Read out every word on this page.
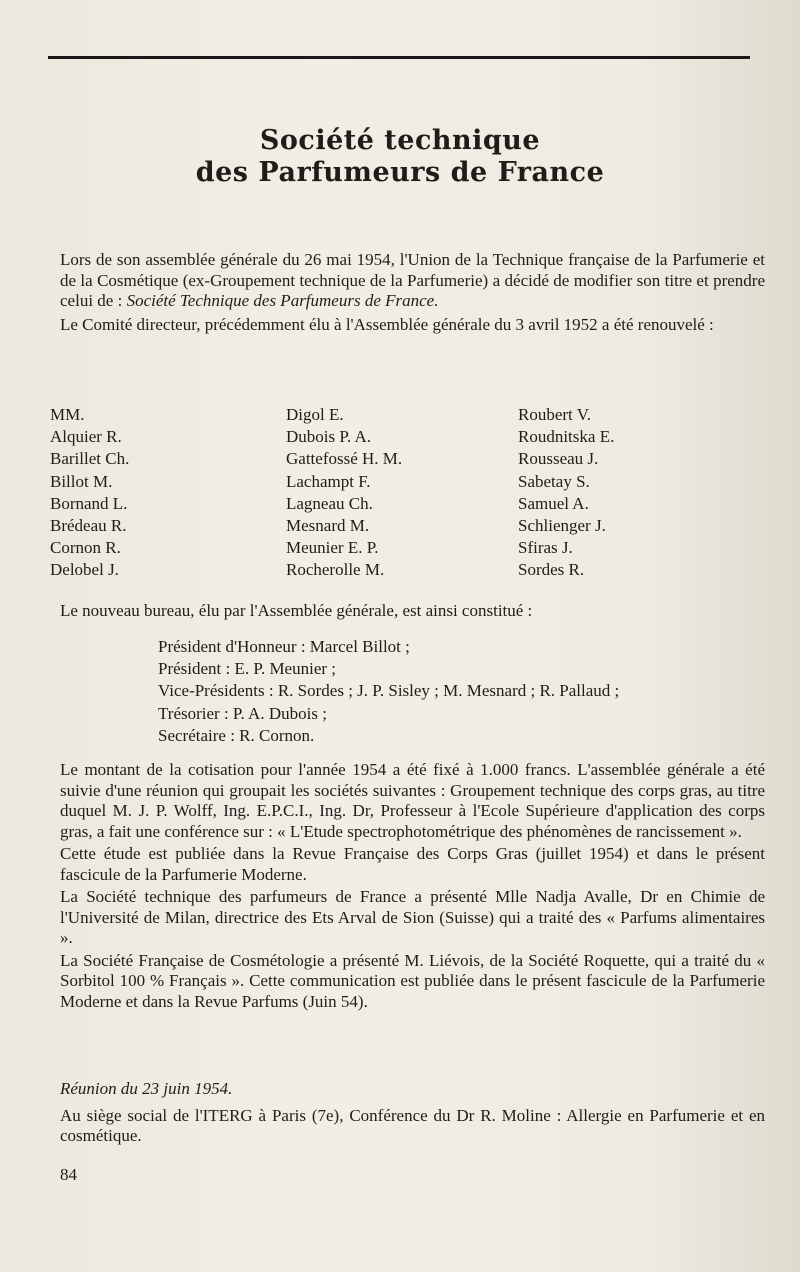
Société technique
des Parfumeurs de France

Lors de son assemblée générale du 26 mai 1954, l'Union de la Technique française de la Parfumerie et de la Cosmétique (ex-Groupement technique de la Parfumerie) a décidé de modifier son titre et prendre celui de : Société Technique des Parfumeurs de France.

Le Comité directeur, précédemment élu à l'Assemblée générale du 3 avril 1952 a été renouvelé :

MM.
Alquier R.
Barillet Ch.
Billot M.
Bornand L.
Brédeau R.
Cornon R.
Delobel J.
Digol E.
Dubois P. A.
Gattefossé H. M.
Lachampt F.
Lagneau Ch.
Mesnard M.
Meunier E. P.
Rocherolle M.
Roubert V.
Roudnitska E.
Rousseau J.
Sabetay S.
Samuel A.
Schlienger J.
Sfiras J.
Sordes R.
Le nouveau bureau, élu par l'Assemblée générale, est ainsi constitué :
Président d'Honneur : Marcel Billot ;
Président : E. P. Meunier ;
Vice-Présidents : R. Sordes ; J. P. Sisley ; M. Mesnard ; R. Pallaud ;
Trésorier : P. A. Dubois ;
Secrétaire : R. Cornon.

Le montant de la cotisation pour l'année 1954 a été fixé à 1.000 francs. L'assemblée générale a été suivie d'une réunion qui groupait les sociétés suivantes : Groupement technique des corps gras, au titre duquel M. J. P. Wolff, Ing. E.P.C.I., Ing. Dr, Professeur à l'Ecole Supérieure d'application des corps gras, a fait une conférence sur : « L'Etude spectrophotométrique des phénomènes de rancissement ».

Cette étude est publiée dans la Revue Française des Corps Gras (juillet 1954) et dans le présent fascicule de la Parfumerie Moderne.

La Société technique des parfumeurs de France a présenté Mlle Nadja Avalle, Dr en Chimie de l'Université de Milan, directrice des Ets Arval de Sion (Suisse) qui a traité des « Parfums alimentaires ».

La Société Française de Cosmétologie a présenté M. Liévois, de la Société Roquette, qui a traité du « Sorbitol 100 % Français ». Cette communication est publiée dans le présent fascicule de la Parfumerie Moderne et dans la Revue Parfums (Juin 54).

Réunion du 23 juin 1954.

Au siège social de l'ITERG à Paris (7e), Conférence du Dr R. Moline : Allergie en Parfumerie et en cosmétique.

84
